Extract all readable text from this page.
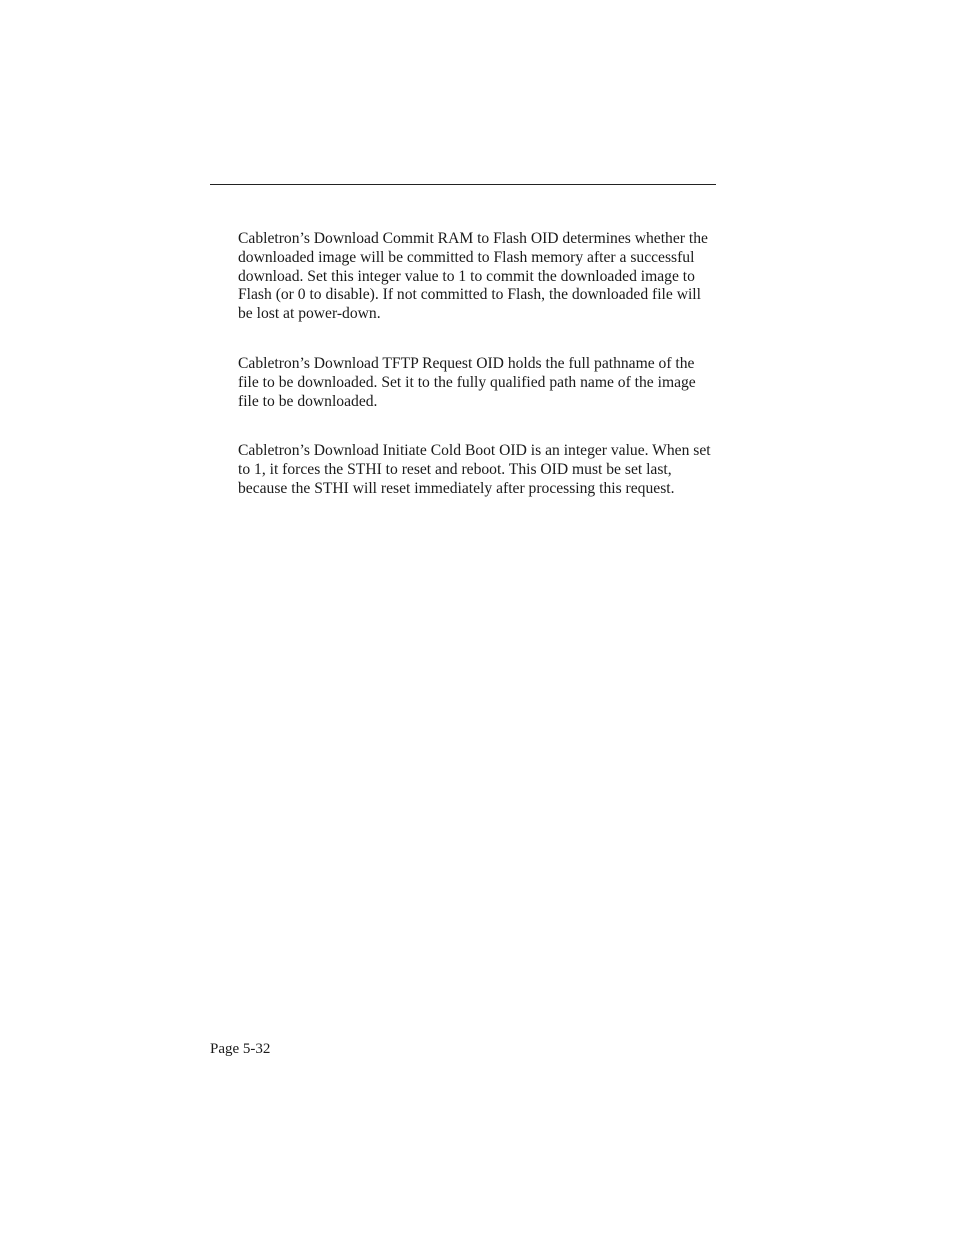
Cabletron’s Download Commit RAM to Flash OID determines whether the downloaded image will be committed to Flash memory after a successful download. Set this integer value to 1 to commit the downloaded image to Flash (or 0 to disable). If not committed to Flash, the downloaded file will be lost at power-down.

Cabletron’s Download TFTP Request OID holds the full pathname of the file to be downloaded. Set it to the fully qualified path name of the image file to be downloaded.

Cabletron’s Download Initiate Cold Boot OID is an integer value. When set to 1, it forces the STHI to reset and reboot. This OID must be set last, because the STHI will reset immediately after processing this request.

Page 5-32
